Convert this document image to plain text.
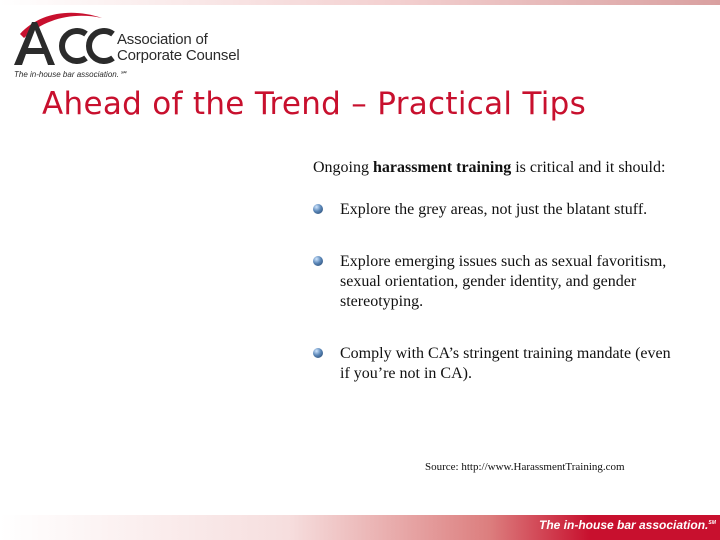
Association of
Corporate Counsel
The in-house bar association.℠
Ahead of the Trend – Practical Tips

Ongoing harassment training is critical and it should:

Explore the grey areas, not just the blatant stuff.
Explore emerging issues such as sexual favoritism, sexual orientation, gender identity, and gender stereotyping.
Comply with CA’s stringent training mandate (even if you’re not in CA).
Source: http://www.HarassmentTraining.com
The in-house bar association.℠
